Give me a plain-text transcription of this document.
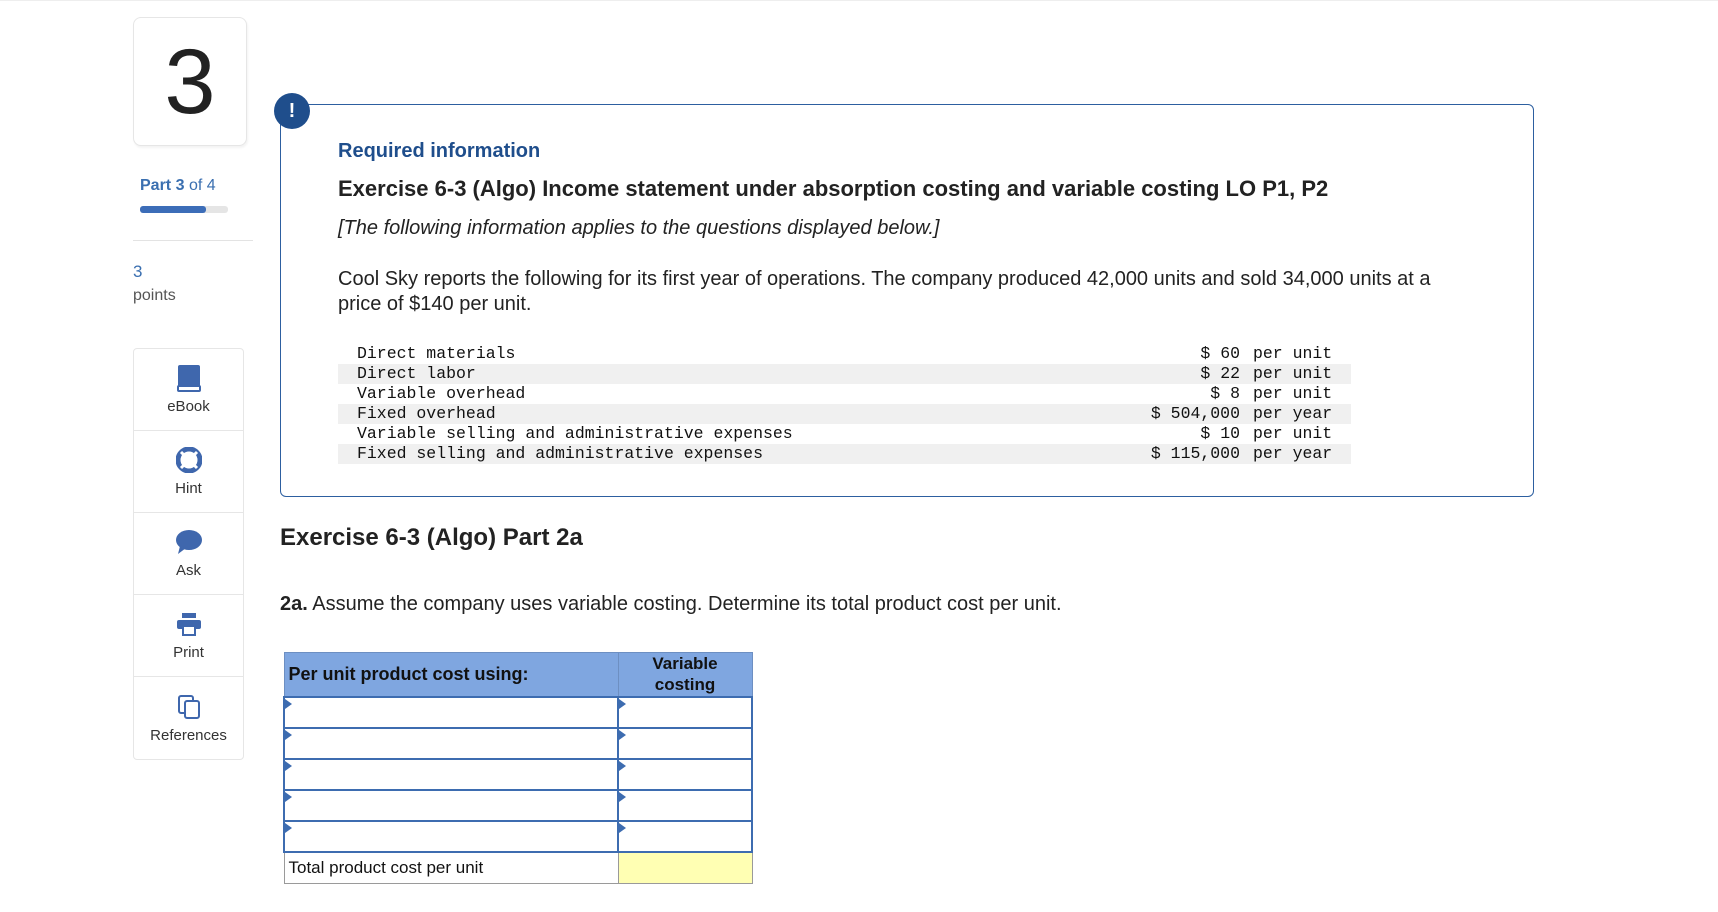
3
Part 3 of 4
3
points
eBook
Hint
Ask
Print
References
!
Required information
Exercise 6-3 (Algo) Income statement under absorption costing and variable costing LO P1, P2
[The following information applies to the questions displayed below.]
Cool Sky reports the following for its first year of operations. The company produced 42,000 units and sold 34,000 units at a price of $140 per unit.
Direct materials	$ 60	per unit
Direct labor	$ 22	per unit
Variable overhead	$ 8	per unit
Fixed overhead	$ 504,000	per year
Variable selling and administrative expenses	$ 10	per unit
Fixed selling and administrative expenses	$ 115,000	per year
Exercise 6-3 (Algo) Part 2a
2a. Assume the company uses variable costing. Determine its total product cost per unit.
Per unit product cost using:	Variable costing

Total product cost per unit	
